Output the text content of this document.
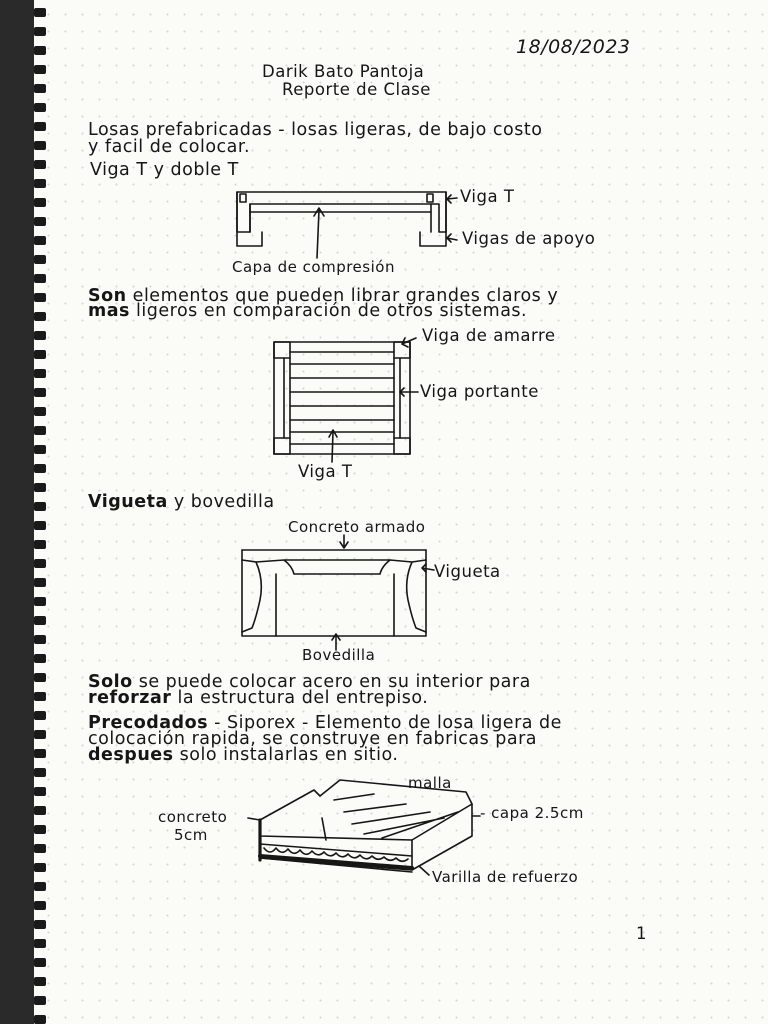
18/08/2023
Darik Bato Pantoja
Reporte de Clase
Losas prefabricadas - losas ligeras, de bajo costo
y facil de colocar.
Viga T y doble T
Son elementos que pueden librar grandes claros y
mas ligeros en comparación de otros sistemas.
Vigueta y bovedilla
Solo se puede colocar acero en su interior para
reforzar la estructura del entrepiso.
Precodados - Siporex - Elemento de losa ligera de
colocación rapida, se construye en fabricas para
despues solo instalarlas en sitio.
Viga T
Vigas de apoyo
Capa de compresión
Viga de amarre
Viga portante
Viga T
Concreto armado
Vigueta
Bovedilla
malla
concreto
5cm
- capa 2.5cm
Varilla de refuerzo
1
